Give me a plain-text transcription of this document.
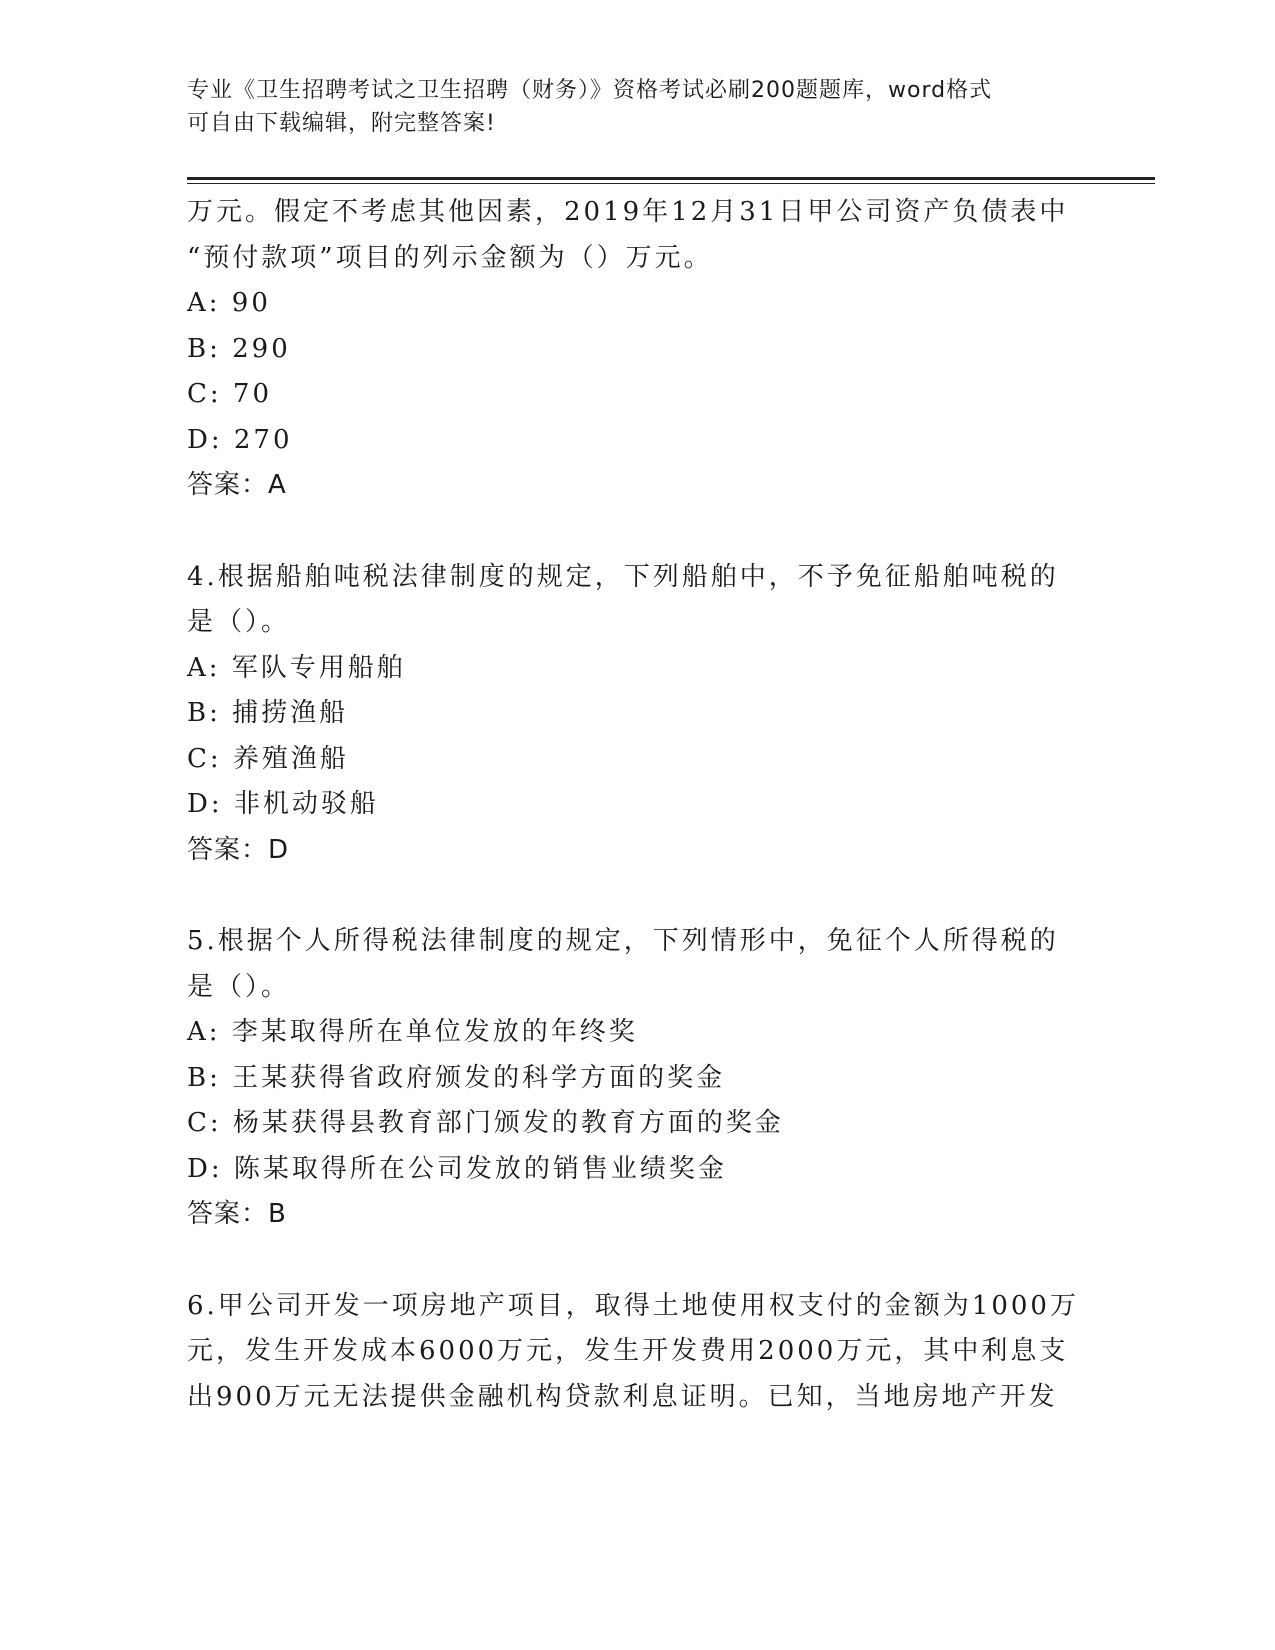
专业《卫生招聘考试之卫生招聘（财务）》资格考试必刷200题题库，word格式
可自由下载编辑，附完整答案!
万元。假定不考虑其他因素，2019年12月31日甲公司资产负债表中
“预付款项”项目的列示金额为（）万元。
A: 90
B: 290
C: 70
D: 270
答案：A
4.根据船舶吨税法律制度的规定，下列船舶中，不予免征船舶吨税的
是（）。
A: 军队专用船舶
B: 捕捞渔船
C: 养殖渔船
D: 非机动驳船
答案：D
5.根据个人所得税法律制度的规定，下列情形中，免征个人所得税的
是（）。
A: 李某取得所在单位发放的年终奖
B: 王某获得省政府颁发的科学方面的奖金
C: 杨某获得县教育部门颁发的教育方面的奖金
D: 陈某取得所在公司发放的销售业绩奖金
答案：B
6.甲公司开发一项房地产项目，取得土地使用权支付的金额为1000万
元，发生开发成本6000万元，发生开发费用2000万元，其中利息支
出900万元无法提供金融机构贷款利息证明。已知，当地房地产开发
